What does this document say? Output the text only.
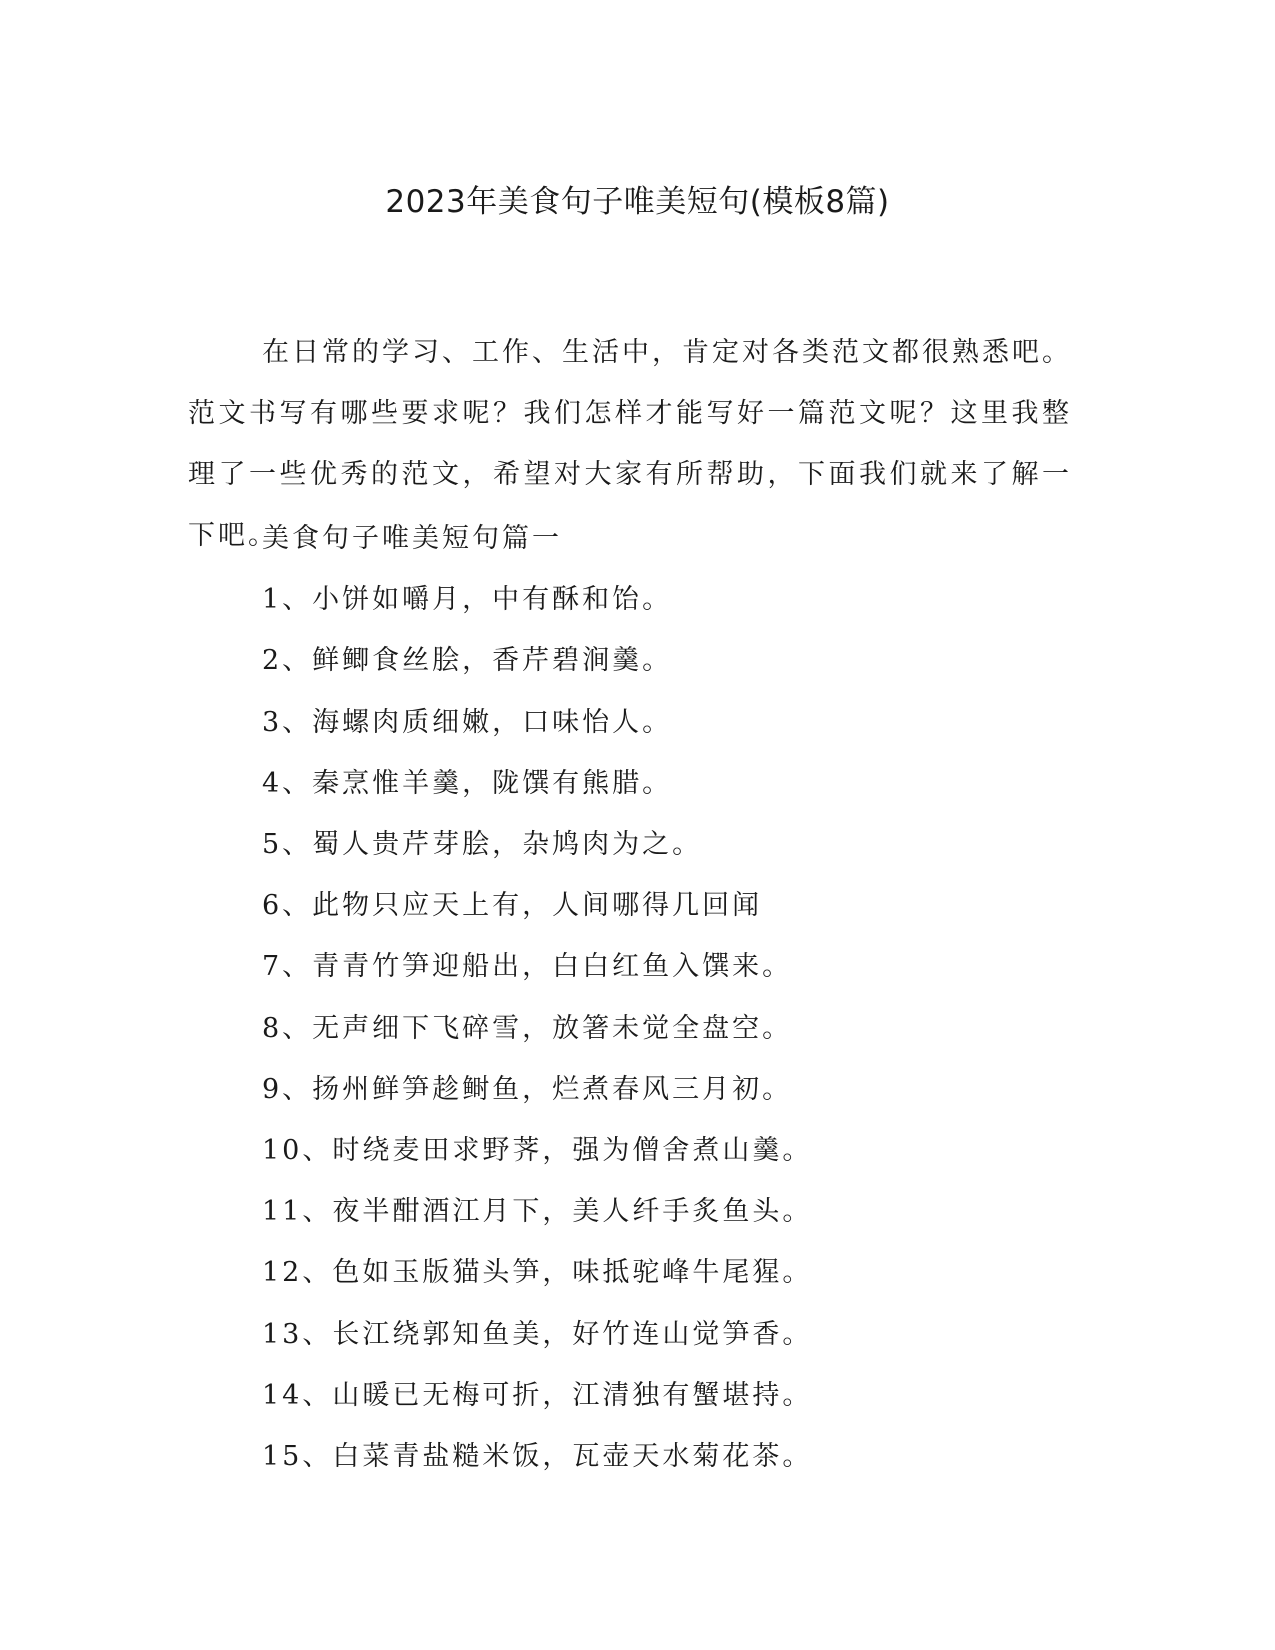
2023年美食句子唯美短句(模板8篇)

在日常的学习、工作、生活中，肯定对各类范文都很熟悉吧。范文书写有哪些要求呢？我们怎样才能写好一篇范文呢？这里我整理了一些优秀的范文，希望对大家有所帮助，下面我们就来了解一下吧。

美食句子唯美短句篇一
1、小饼如嚼月，中有酥和饴。
2、鲜鲫食丝脍，香芹碧涧羹。
3、海螺肉质细嫩，口味怡人。
4、秦烹惟羊羹，陇馔有熊腊。
5、蜀人贵芹芽脍，杂鸠肉为之。
6、此物只应天上有，人间哪得几回闻
7、青青竹笋迎船出，白白红鱼入馔来。
8、无声细下飞碎雪，放箸未觉全盘空。
9、扬州鲜笋趁鲥鱼，烂煮春风三月初。
10、时绕麦田求野荠，强为僧舍煮山羹。
11、夜半酣酒江月下，美人纤手炙鱼头。
12、色如玉版猫头笋，味抵驼峰牛尾猩。
13、长江绕郭知鱼美，好竹连山觉笋香。
14、山暖已无梅可折，江清独有蟹堪持。
15、白菜青盐糙米饭，瓦壶天水菊花茶。
